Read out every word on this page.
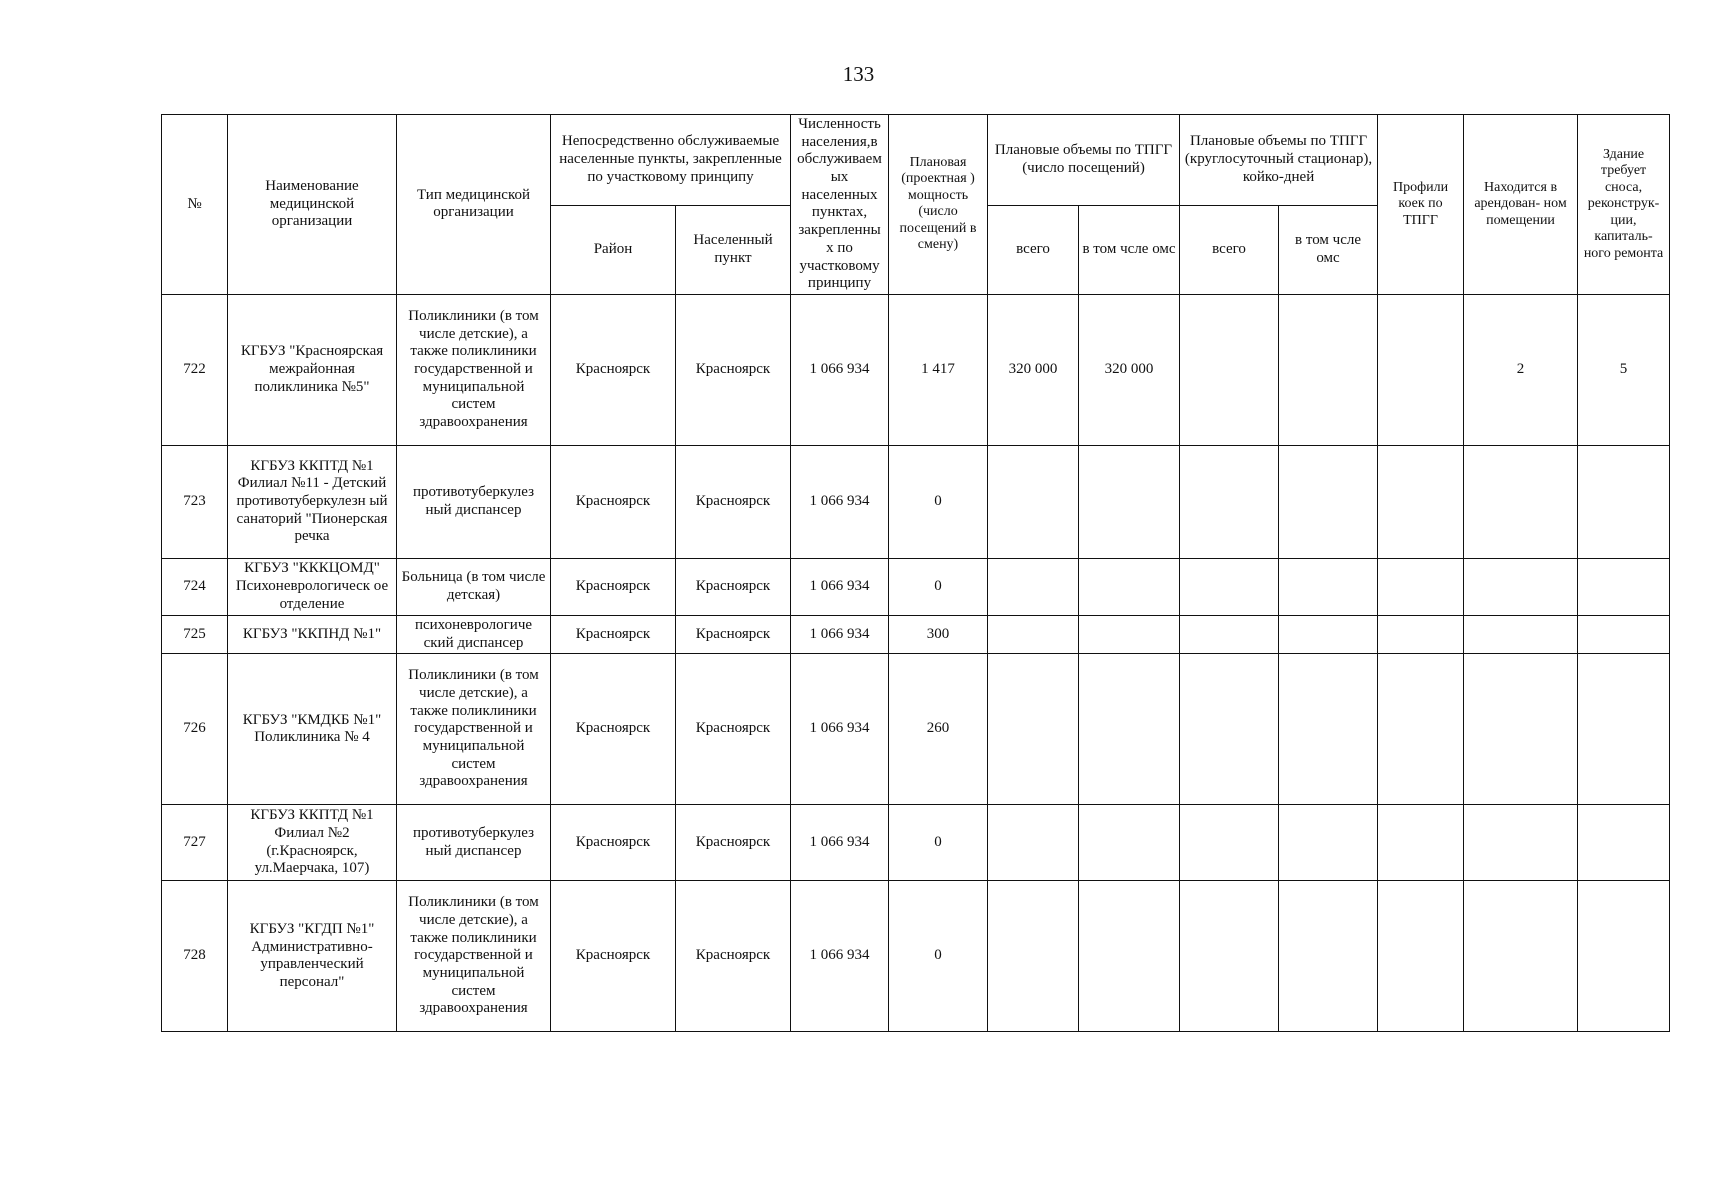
133
№	Наименование медицинской организации	Тип медицинской организации	Непосредственно обслуживаемые населенные пункты, закрепленные по участковому принципу		Численность населения,в обслуживаем ых населенных пунктах, закрепленны х по участковому принципу	Плановая (проектная ) мощность (число посещений в смену)	Плановые объемы по ТПГГ (число посещений)		Плановые объемы по ТПГГ (круглосуточный стационар), койко-дней		Профили коек по ТПГГ	Находится в арендован- ном помещении	Здание требует сноса, реконструк- ции, капиталь- ного ремонта
			Район	Населенный пункт			всего	в том чсле омс	всего	в том чсле омс			
722	КГБУЗ "Красноярская межрайонная поликлиника №5"	Поликлиники (в том числе детские), а также поликлиники государственной и муниципальной систем здравоохранения	Красноярск	Красноярск	1 066 934	1 417	320 000	320 000				2	5
723	КГБУЗ ККПТД №1 Филиал №11 - Детский противотуберкулезн ый санаторий "Пионерская речка	противотуберкулез ный диспансер	Красноярск	Красноярск	1 066 934	0							
724	КГБУЗ "КККЦОМД" Психоневрологическ ое отделение	Больница (в том числе детская)	Красноярск	Красноярск	1 066 934	0							
725	КГБУЗ "ККПНД №1"	психоневрологиче ский диспансер	Красноярск	Красноярск	1 066 934	300							
726	КГБУЗ "КМДКБ №1" Поликлиника № 4	Поликлиники (в том числе детские), а также поликлиники государственной и муниципальной систем здравоохранения	Красноярск	Красноярск	1 066 934	260							
727	КГБУЗ ККПТД №1 Филиал №2 (г.Красноярск, ул.Маерчака, 107)	противотуберкулез ный диспансер	Красноярск	Красноярск	1 066 934	0							
728	КГБУЗ "КГДП №1" Административно- управленческий персонал"	Поликлиники (в том числе детские), а также поликлиники государственной и муниципальной систем здравоохранения	Красноярск	Красноярск	1 066 934	0							
